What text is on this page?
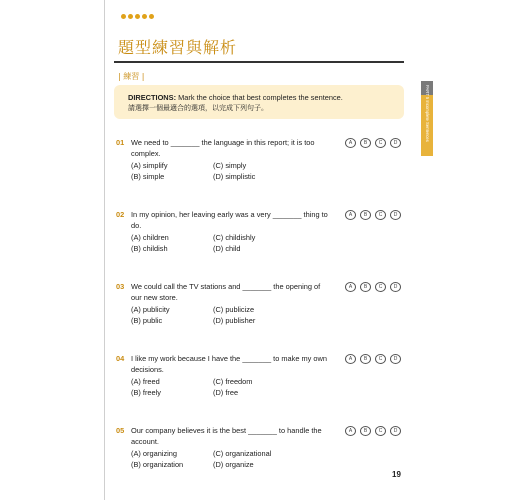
題型練習與解析
| 練習 |
DIRECTIONS: Mark the choice that best completes the sentence.
請選擇一個最適合的選項，以完成下列句子。
PART 5 Incomplete Sentences
01 We need to _______ the language in this report; it is too complex.
(A) simplify
(B) simple
(C) simply
(D) simplistic
A	B	C	D
02 In my opinion, her leaving early was a very _______ thing to do.
(A) children
(B) childish
(C) childishly
(D) child
A	B	C	D
03 We could call the TV stations and _______ the opening of our new store.
(A) publicity
(B) public
(C) publicize
(D) publisher
A	B	C	D
04 I like my work because I have the _______ to make my own decisions.
(A) freed
(B) freely
(C) freedom
(D) free
A	B	C	D
05 Our company believes it is the best _______ to handle the account.
(A) organizing
(B) organization
(C) organizational
(D) organize
A	B	C	D
19
